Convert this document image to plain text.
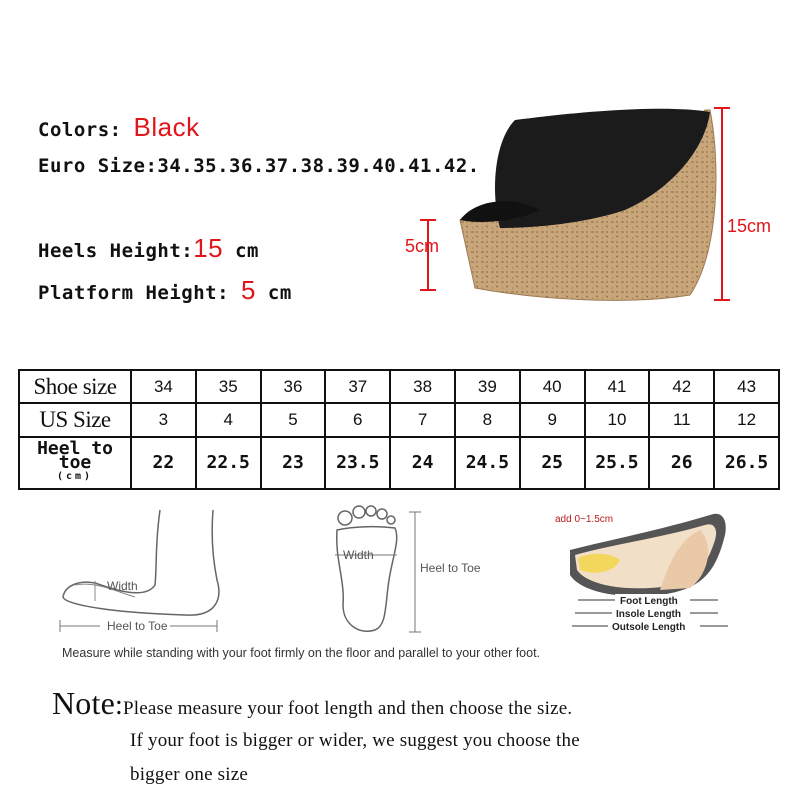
Colors: Black
Euro Size:34.35.36.37.38.39.40.41.42.
Heels Height:15 cm
Platform Height: 5 cm
5cm
15cm
Shoe size	34	35	36	37	38	39	40	41	42	43
US Size	3	4	5	6	7	8	9	10	11	12

Heel to toe
(cm)	22	22.5	23	23.5	24	24.5	25	25.5	26	26.5
Width
Heel to Toe
Width
Heel to Toe
add 0~1.5cm
Foot Length
Insole Length
Outsole Length
Measure while standing with your foot firmly on the floor and parallel to your other foot.
Note:Please measure your foot length and then choose the size.
If your foot is bigger or wider, we suggest you choose the
bigger one size
